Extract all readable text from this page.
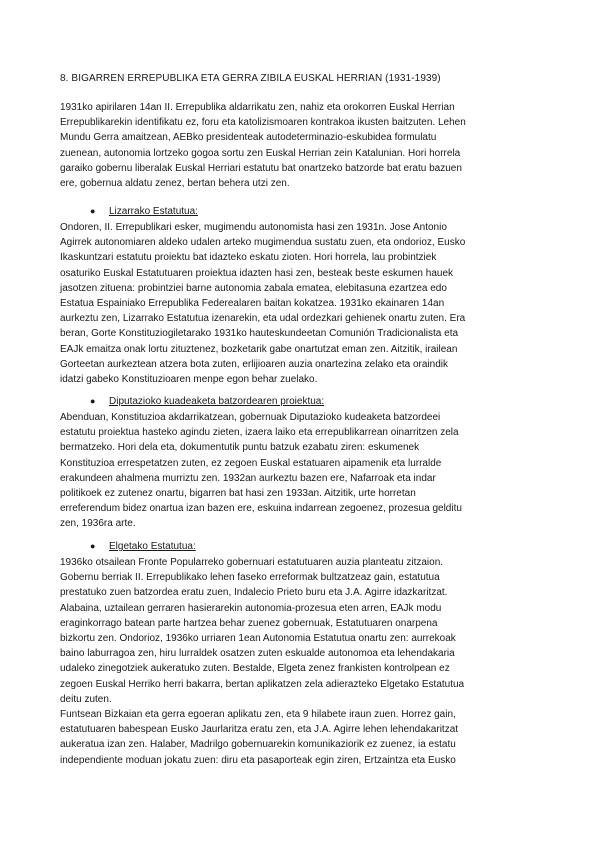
8. BIGARREN ERREPUBLIKA ETA GERRA ZIBILA EUSKAL HERRIAN (1931-1939)
1931ko apirilaren 14an II. Errepublika aldarrikatu zen, nahiz eta orokorren Euskal Herrian
Errepublikarekin identifikatu ez, foru eta katolizismoaren kontrakoa ikusten baitzuten. Lehen
Mundu Gerra amaitzean, AEBko presidenteak autodeterminazio-eskubidea formulatu
zuenean, autonomia lortzeko gogoa sortu zen Euskal Herrian zein Katalunian. Hori horrela
garaiko gobernu liberalak Euskal Herriari estatutu bat onartzeko batzorde bat eratu bazuen
ere, gobernua aldatu zenez, bertan behera utzi zen.
● Lizarrako Estatutua:
Ondoren, II. Errepublikari esker, mugimendu autonomista hasi zen 1931n. Jose Antonio
Agirrek autonomiaren aldeko udalen arteko mugimendua sustatu zuen, eta ondorioz, Eusko
Ikaskuntzari estatutu proiektu bat idazteko eskatu zioten. Hori horrela, lau probintziek
osaturiko Euskal Estatutuaren proiektua idazten hasi zen, besteak beste eskumen hauek
jasotzen zituena: probintziei barne autonomia zabala ematea, elebitasuna ezartzea edo
Estatua Espainiako Errepublika Federealaren baitan kokatzea. 1931ko ekainaren 14an
aurkeztu zen, Lizarrako Estatutua izenarekin, eta udal ordezkari gehienek onartu zuten. Era
beran, Gorte Konstituziogiletarako 1931ko hauteskundeetan Comunión Tradicionalista eta
EAJk emaitza onak lortu zituztenez, bozketarik gabe onartutzat eman zen. Aitzitik, irailean
Gorteetan aurkeztean atzera bota zuten, erlijioaren auzia onartezina zelako eta oraindik
idatzi gabeko Konstituzioaren menpe egon behar zuelako.
● Diputazioko kuadeaketa batzordearen proiektua:
Abenduan, Konstituzioa akdarrikatzean, gobernuak Diputazioko kudeaketa batzordeei
estatutu proiektua hasteko agindu zieten, izaera laiko eta errepublikarrean oinarritzen zela
bermatzeko. Hori dela eta, dokumentutik puntu batzuk ezabatu ziren: eskumenek
Konstituzioa errespetatzen zuten, ez zegoen Euskal estatuaren aipamenik eta lurralde
erakundeen ahalmena murriztu zen. 1932an aurkeztu bazen ere, Nafarroak eta indar
politikoek ez zutenez onartu, bigarren bat hasi zen 1933an. Aitzitik, urte horretan
erreferendum bidez onartua izan bazen ere, eskuina indarrean zegoenez, prozesua gelditu
zen, 1936ra arte.
● Elgetako Estatutua:
1936ko otsailean Fronte Popularreko gobernuari estatutuaren auzia planteatu zitzaion.
Gobernu berriak II. Errepublikako lehen faseko erreformak bultzatzeaz gain, estatutua
prestatuko zuen batzordea eratu zuen, Indalecio Prieto buru eta J.A. Agirre idazkaritzat.
Alabaina, uztailean gerraren hasierarekin autonomia-prozesua eten arren, EAJk modu
eraginkorrago batean parte hartzea behar zuenez gobernuak, Estatutuaren onarpena
bizkortu zen. Ondorioz, 1936ko urriaren 1ean Autonomia Estatutua onartu zen: aurrekoak
baino laburragoa zen, hiru lurraldek osatzen zuten eskualde autonomoa eta lehendakaria
udaleko zinegotziek aukeratuko zuten. Bestalde, Elgeta zenez frankisten kontrolpean ez
zegoen Euskal Herriko herri bakarra, bertan aplikatzen zela adierazteko Elgetako Estatutua
deitu zuten.
Funtsean Bizkaian eta gerra egoeran aplikatu zen, eta 9 hilabete iraun zuen. Horrez gain,
estatutuaren babespean Eusko Jaurlaritza eratu zen, eta J.A. Agirre lehen lehendakaritzat
aukeratua izan zen. Halaber, Madrilgo gobernuarekin komunikaziorik ez zuenez, ia estatu
independiente moduan jokatu zuen: diru eta pasaporteak egin ziren, Ertzaintza eta Eusko
